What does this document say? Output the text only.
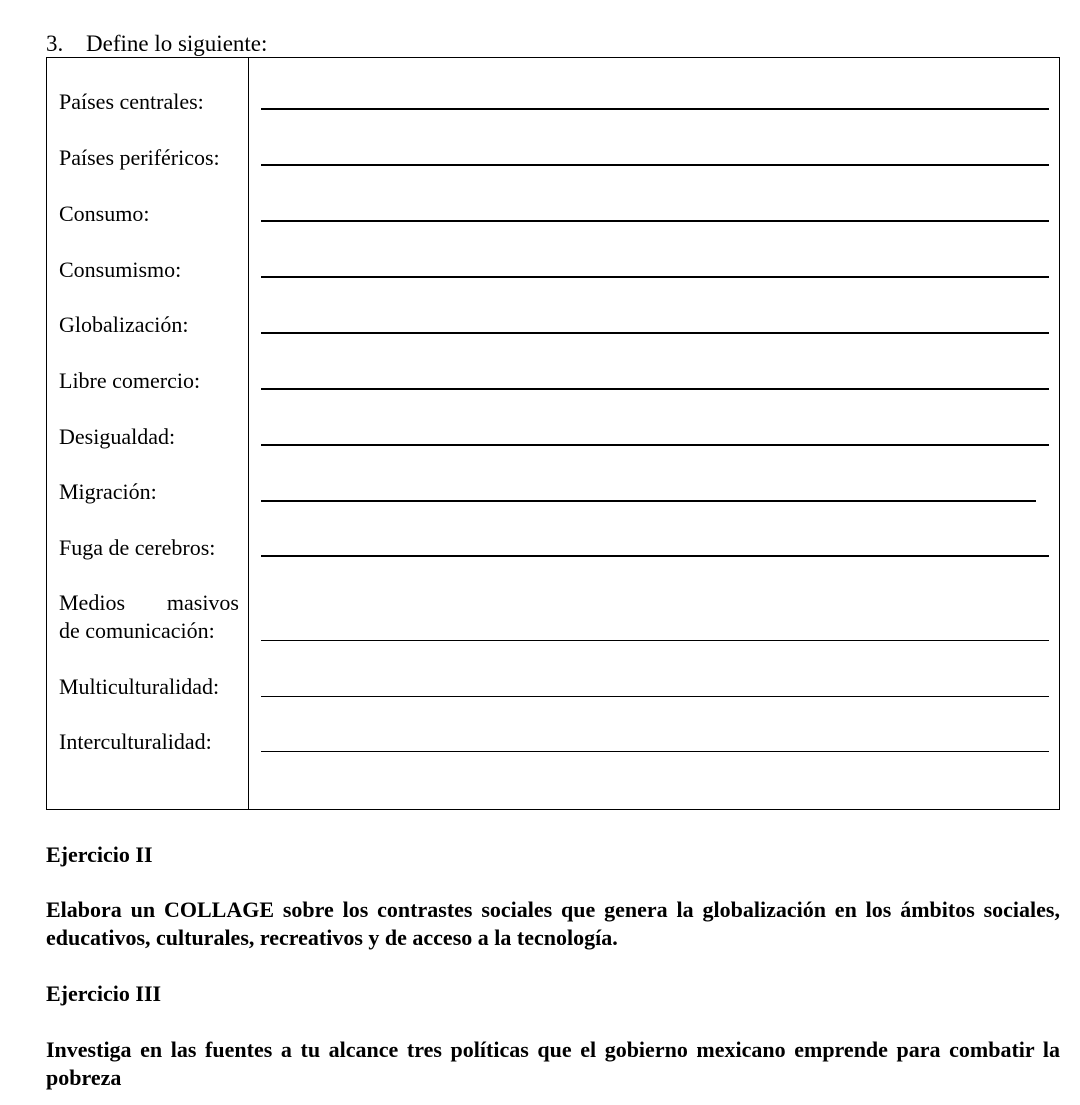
3. Define lo siguiente:
Países centrales:
Países periféricos:
Consumo:
Consumismo:
Globalización:
Libre comercio:
Desigualdad:
Migración:
Fuga de cerebros:
Medios masivos
de comunicación:
Multiculturalidad:
Interculturalidad:
Ejercicio II
Elabora un COLLAGE sobre los contrastes sociales que genera la globalización en los ámbitos sociales, educativos, culturales, recreativos y de acceso a la tecnología.
Ejercicio III
Investiga en las fuentes a tu alcance tres políticas que el gobierno mexicano emprende para combatir la pobreza
